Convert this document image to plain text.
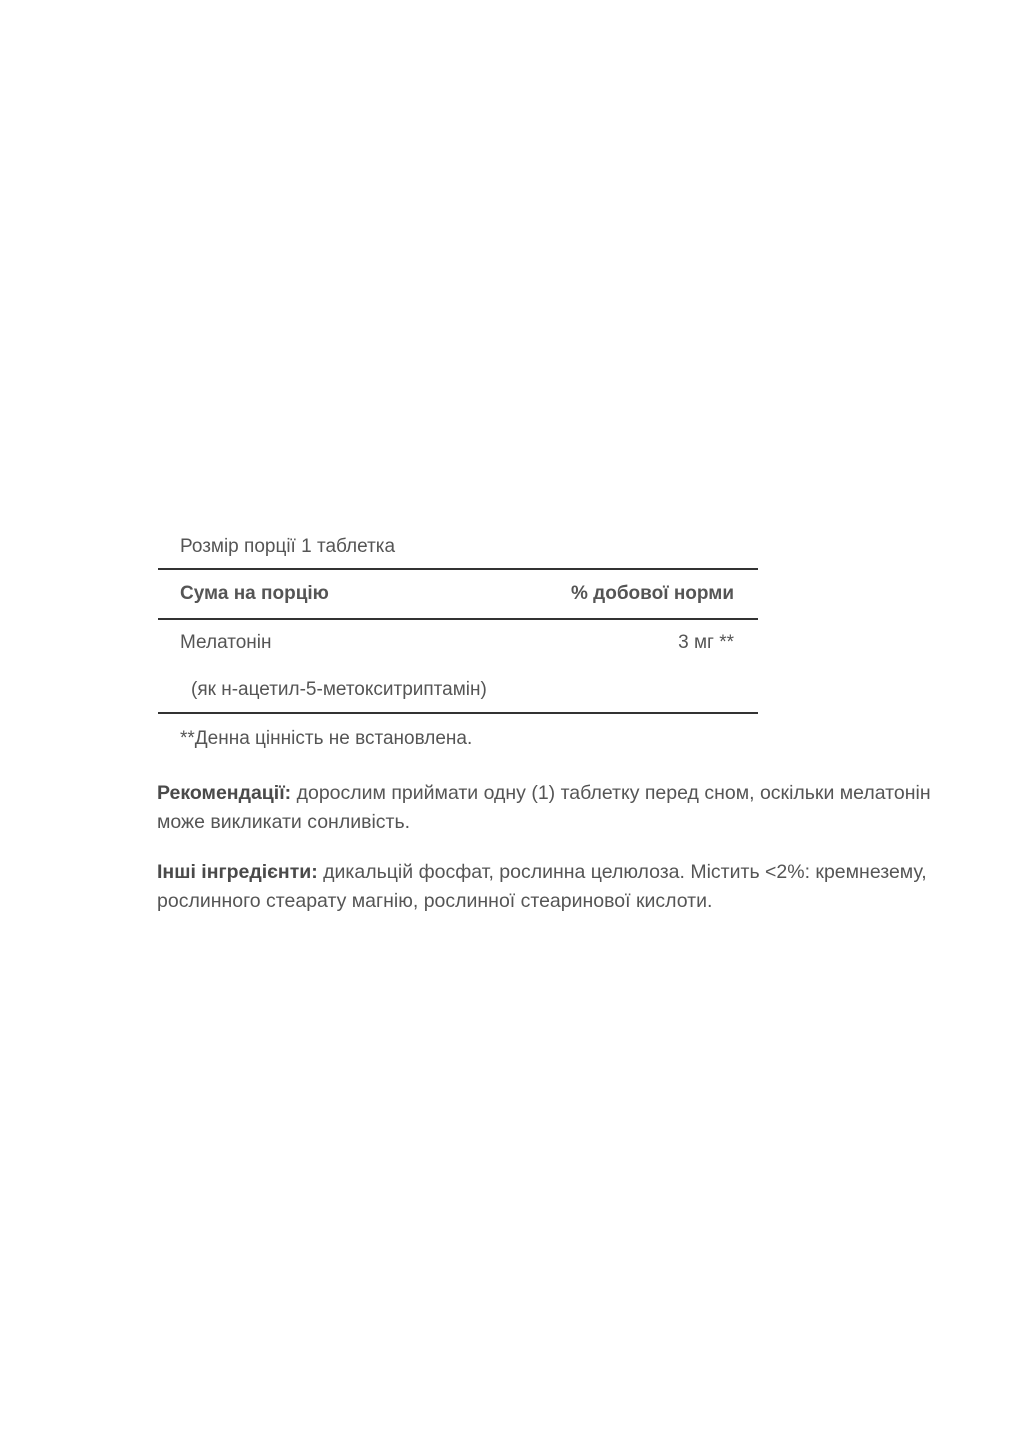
Розмір порції 1 таблетка
Сума на порцію	% добової норми
Мелатонін	3 мг **
(як н-ацетил-5-метокситриптамін)
**Денна цінність не встановлена.
Рекомендації: дорослим приймати одну (1) таблетку перед сном, оскільки мелатонін може викликати сонливість.
Інші інгредієнти: дикальцій фосфат, рослинна целюлоза. Містить <2%: кремнезему, рослинного стеарату магнію, рослинної стеаринової кислоти.
